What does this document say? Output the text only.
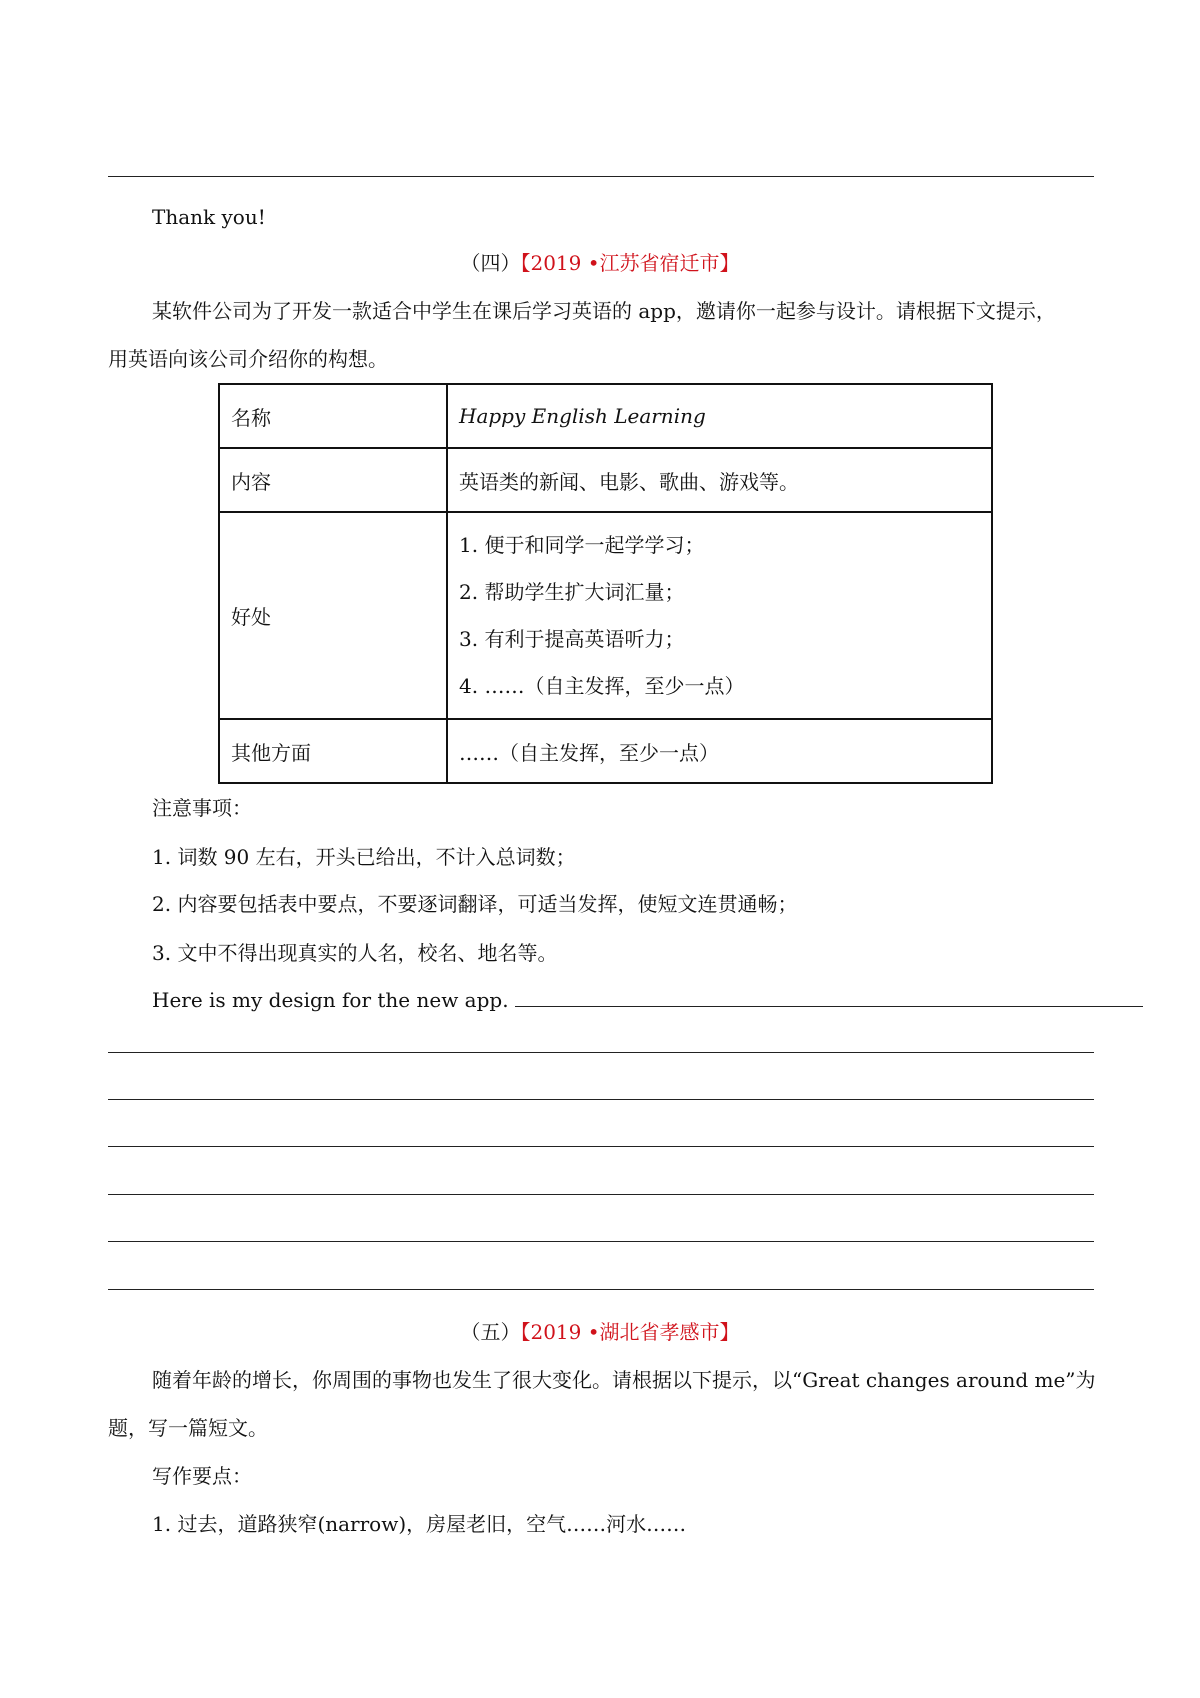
Thank you!
（四）【2019 •江苏省宿迁市】
某软件公司为了开发一款适合中学生在课后学习英语的 app，邀请你一起参与设计。请根据下文提示，
用英语向该公司介绍你的构想。
名称	Happy English Learning
内容	英语类的新闻、电影、歌曲、游戏等。
好处	1. 便于和同学一起学学习；
2. 帮助学生扩大词汇量；
3. 有利于提高英语听力；
4. ……（自主发挥，至少一点）

其他方面	……（自主发挥，至少一点）
注意事项：
1. 词数 90 左右，开头已给出，不计入总词数；
2. 内容要包括表中要点，不要逐词翻译，可适当发挥，使短文连贯通畅；
3. 文中不得出现真实的人名，校名、地名等。
Here is my design for the new app.
（五）【2019 •湖北省孝感市】
随着年龄的增长，你周围的事物也发生了很大变化。请根据以下提示，以“Great changes around me”为
题，写一篇短文。
写作要点：
1. 过去，道路狭窄(narrow)，房屋老旧，空气……河水……
